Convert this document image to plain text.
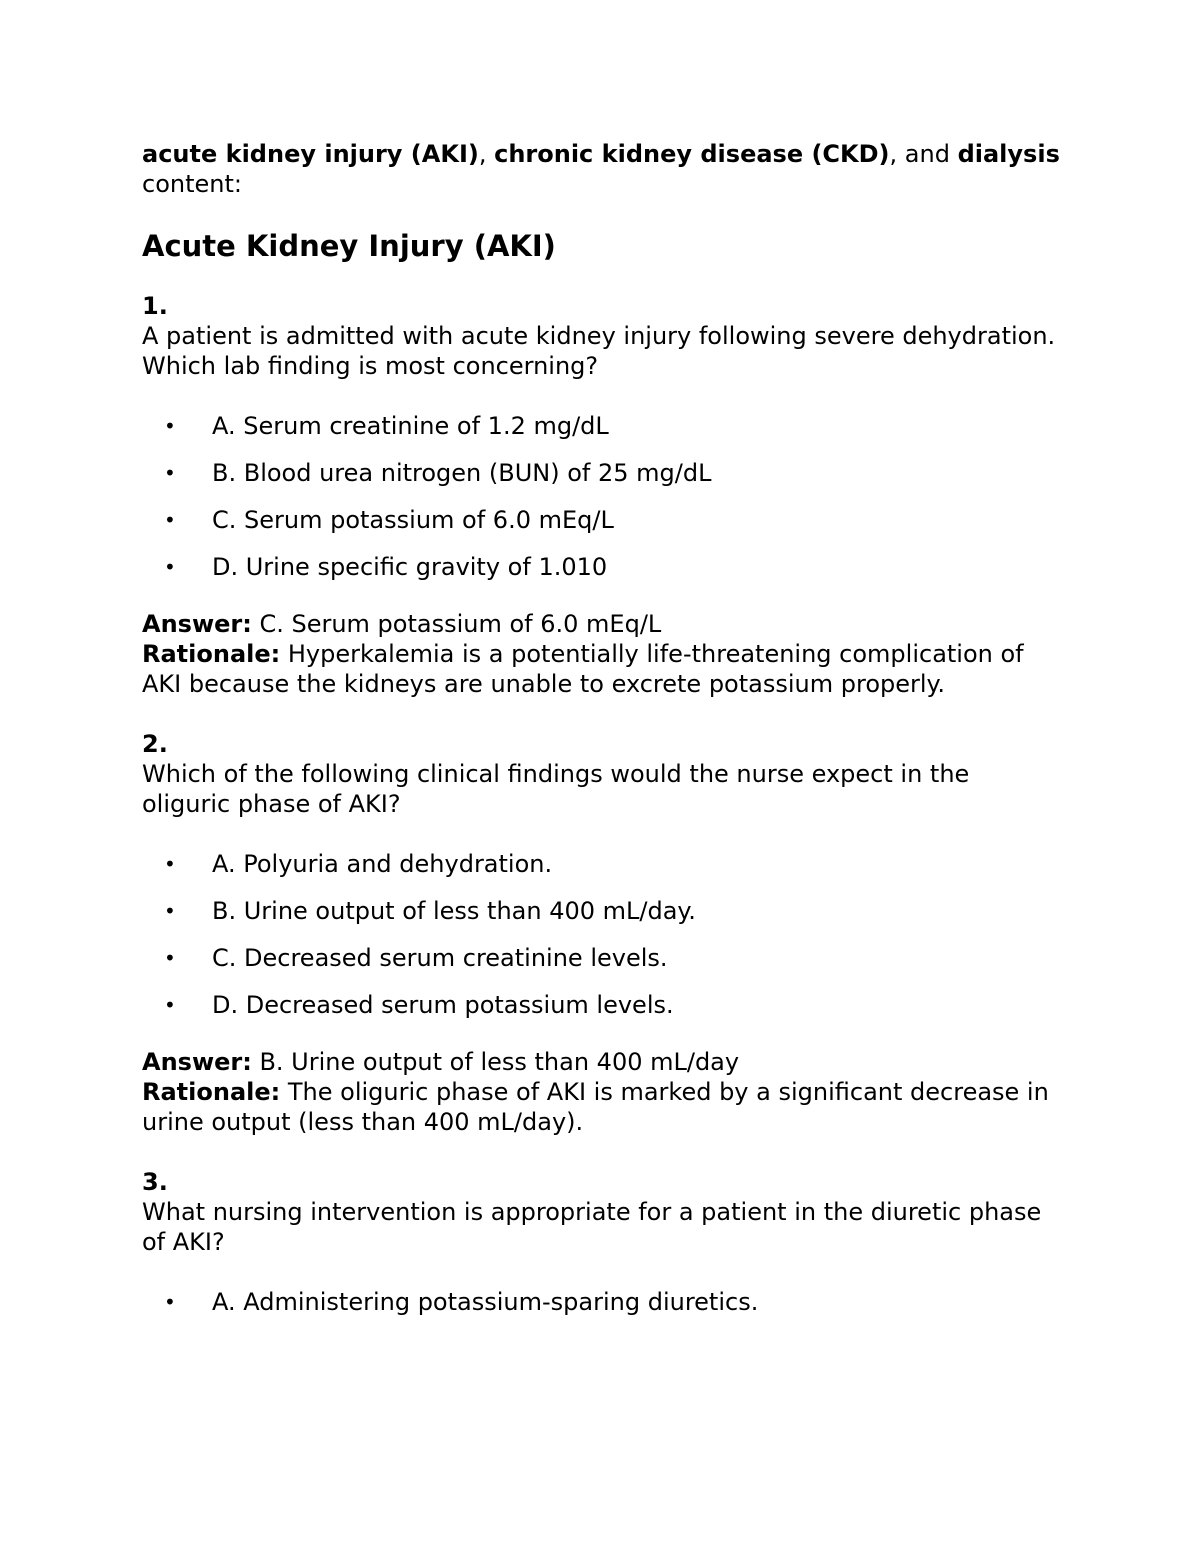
acute kidney injury (AKI), chronic kidney disease (CKD), and dialysis content:

Acute Kidney Injury (AKI)
1.
A patient is admitted with acute kidney injury following severe dehydration. Which lab finding is most concerning?
• A. Serum creatinine of 1.2 mg/dL
• B. Blood urea nitrogen (BUN) of 25 mg/dL
• C. Serum potassium of 6.0 mEq/L
• D. Urine specific gravity of 1.010

Answer: C. Serum potassium of 6.0 mEq/L

Rationale: Hyperkalemia is a potentially life-threatening complication of AKI because the kidneys are unable to excrete potassium properly.

2.
Which of the following clinical findings would the nurse expect in the oliguric phase of AKI?
• A. Polyuria and dehydration.
• B. Urine output of less than 400 mL/day.
• C. Decreased serum creatinine levels.
• D. Decreased serum potassium levels.

Answer: B. Urine output of less than 400 mL/day

Rationale: The oliguric phase of AKI is marked by a significant decrease in urine output (less than 400 mL/day).

3.
What nursing intervention is appropriate for a patient in the diuretic phase of AKI?
• A. Administering potassium-sparing diuretics.
